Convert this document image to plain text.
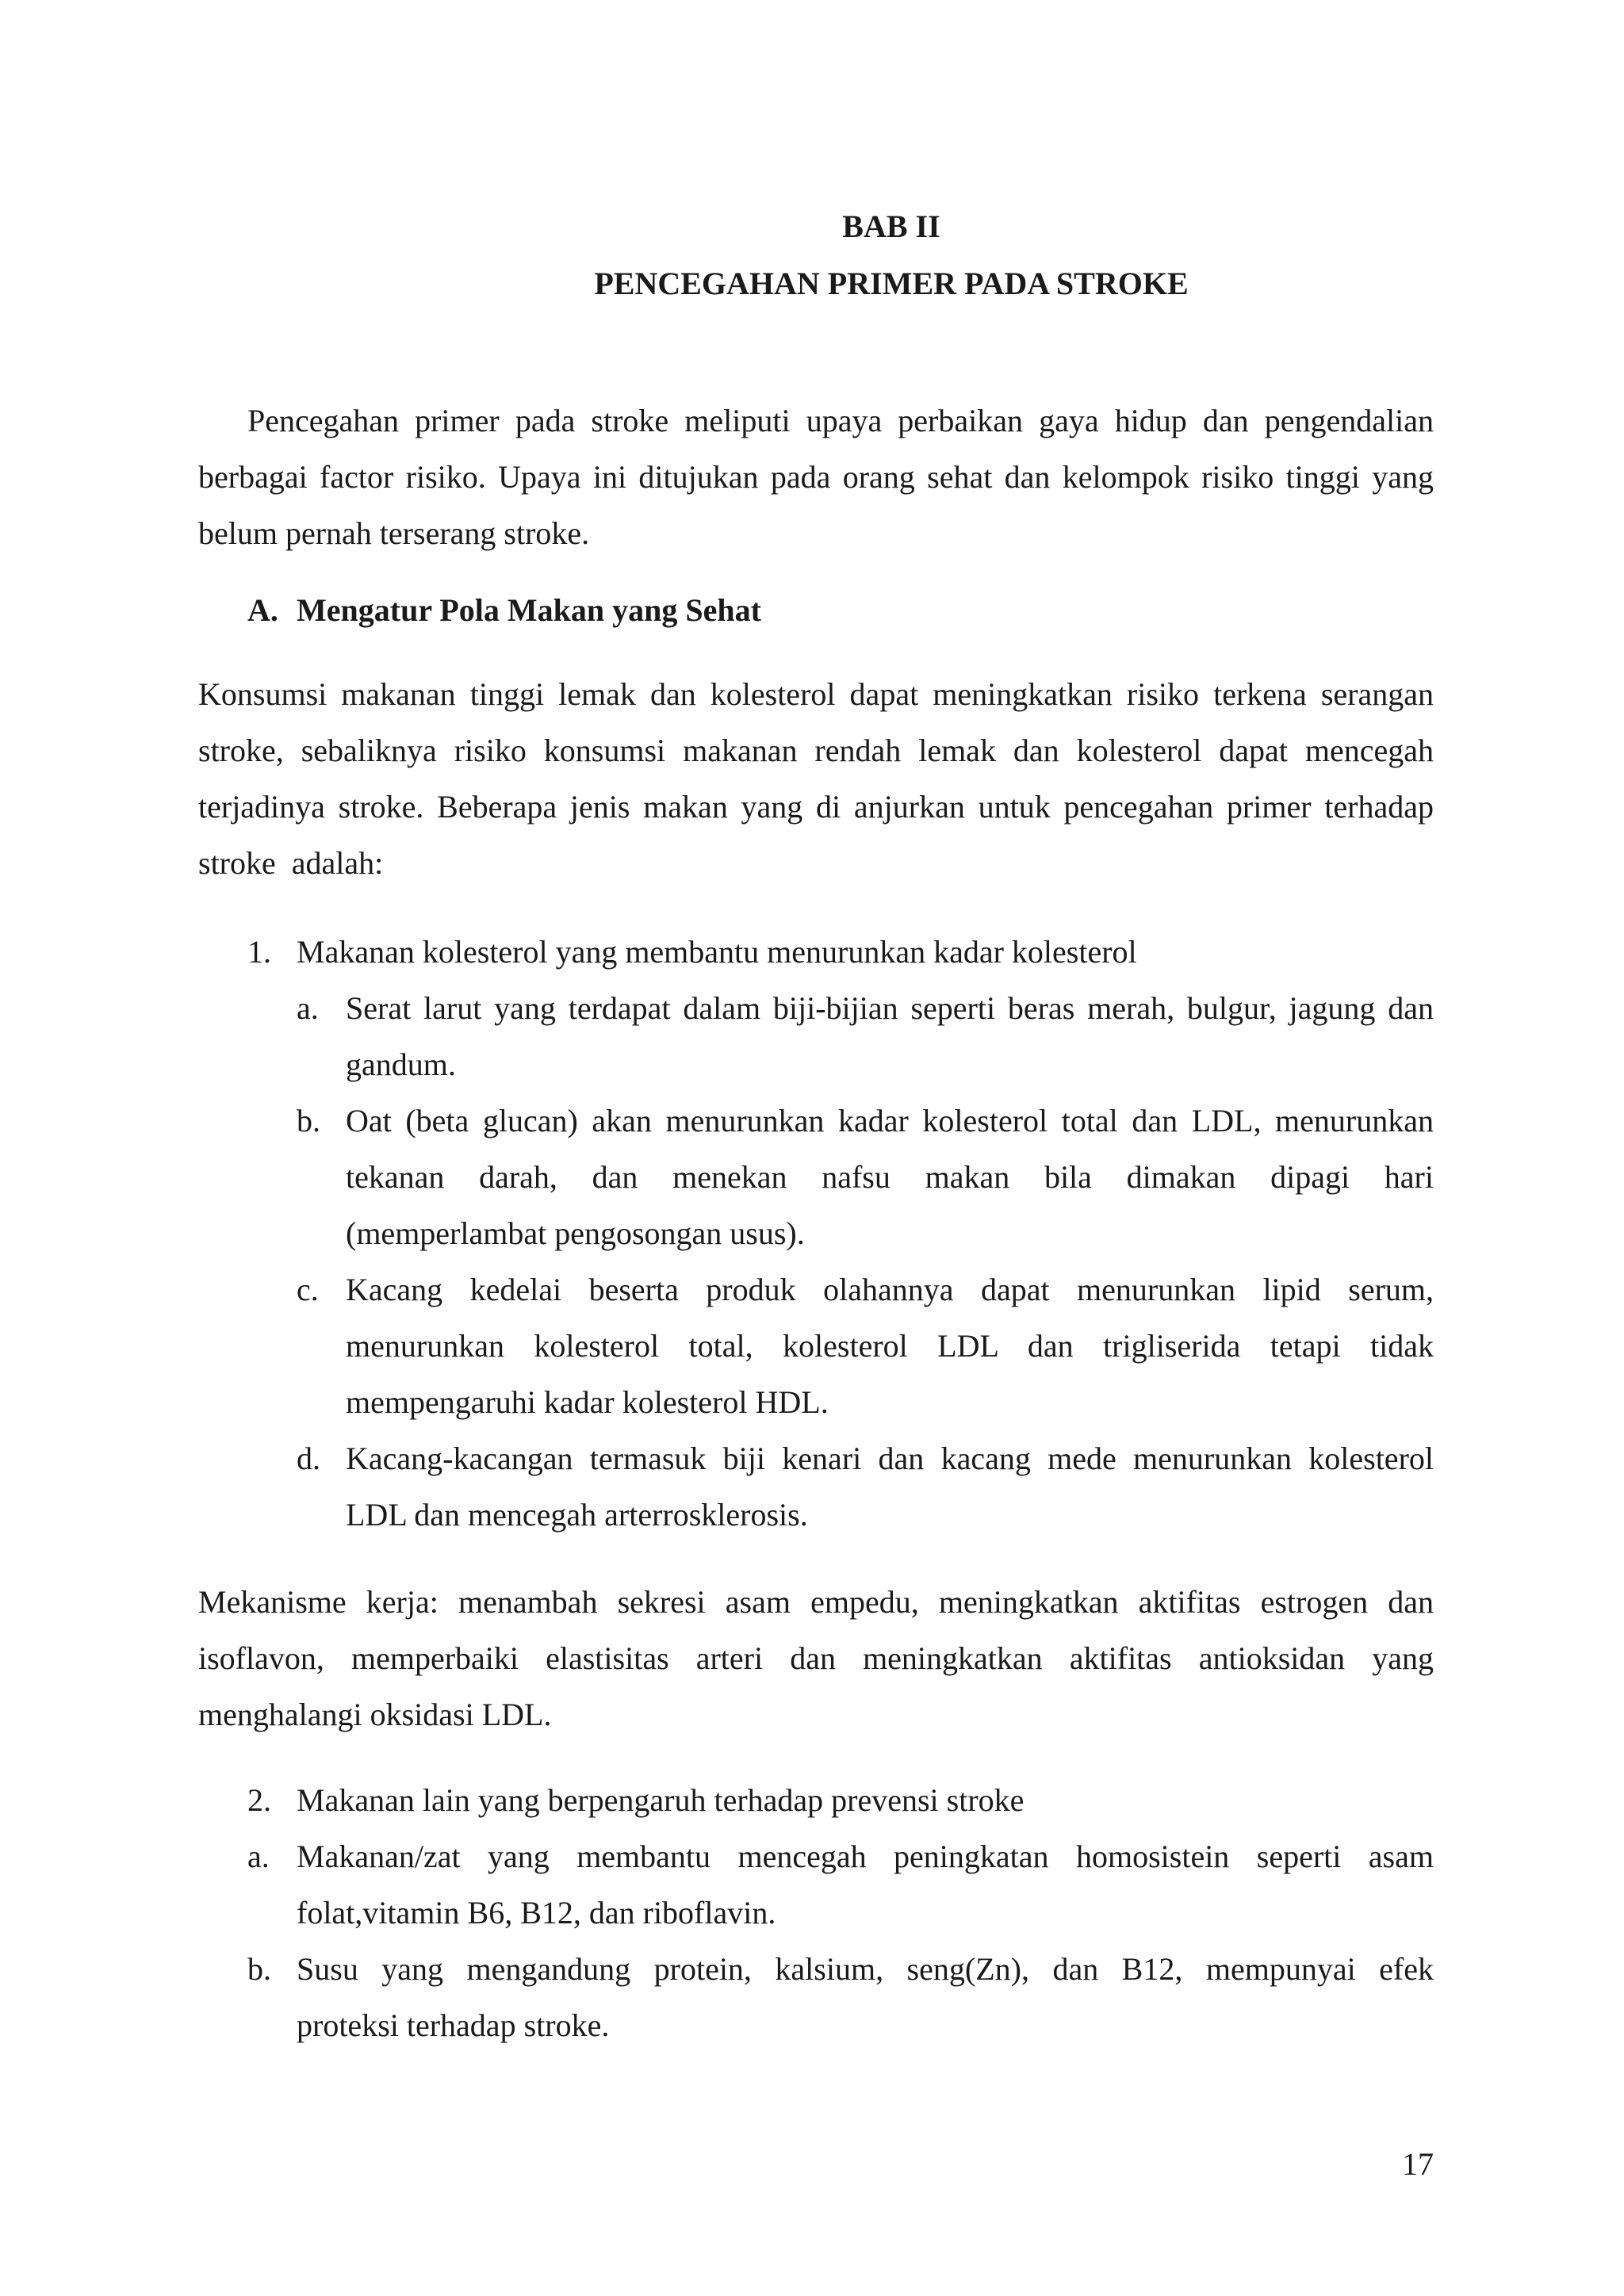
BAB II
PENCEGAHAN PRIMER PADA STROKE

Pencegahan primer pada stroke meliputi upaya perbaikan gaya hidup dan pengendalian

berbagai factor risiko. Upaya ini ditujukan pada orang sehat dan kelompok risiko tinggi yang

belum pernah terserang stroke.

A. Mengatur Pola Makan yang Sehat

Konsumsi makanan tinggi lemak dan kolesterol dapat meningkatkan risiko terkena serangan

stroke, sebaliknya risiko konsumsi makanan rendah lemak dan kolesterol dapat mencegah

terjadinya stroke. Beberapa jenis makan yang di anjurkan untuk pencegahan primer terhadap

stroke  adalah:

1. Makanan kolesterol yang membantu menurunkan kadar kolesterol
a. Serat larut yang terdapat dalam biji-bijian seperti beras merah, bulgur, jagung dan

gandum.

b. Oat (beta glucan) akan menurunkan kadar kolesterol total dan LDL, menurunkan

tekanan darah, dan menekan nafsu makan bila dimakan dipagi hari

(memperlambat pengosongan usus).

c. Kacang kedelai beserta produk olahannya dapat menurunkan lipid serum,

menurunkan kolesterol total, kolesterol LDL dan trigliserida tetapi tidak

mempengaruhi kadar kolesterol HDL.

d. Kacang-kacangan termasuk biji kenari dan kacang mede menurunkan kolesterol

LDL dan mencegah arterrosklerosis.

Mekanisme kerja: menambah sekresi asam empedu, meningkatkan aktifitas estrogen dan

isoflavon, memperbaiki elastisitas arteri dan meningkatkan aktifitas antioksidan yang

menghalangi oksidasi LDL.

2. Makanan lain yang berpengaruh terhadap prevensi stroke
a. Makanan/zat yang membantu mencegah peningkatan homosistein seperti asam

folat,vitamin B6, B12, dan riboflavin.

b. Susu yang mengandung protein, kalsium, seng(Zn), dan B12, mempunyai efek

proteksi terhadap stroke.

17
